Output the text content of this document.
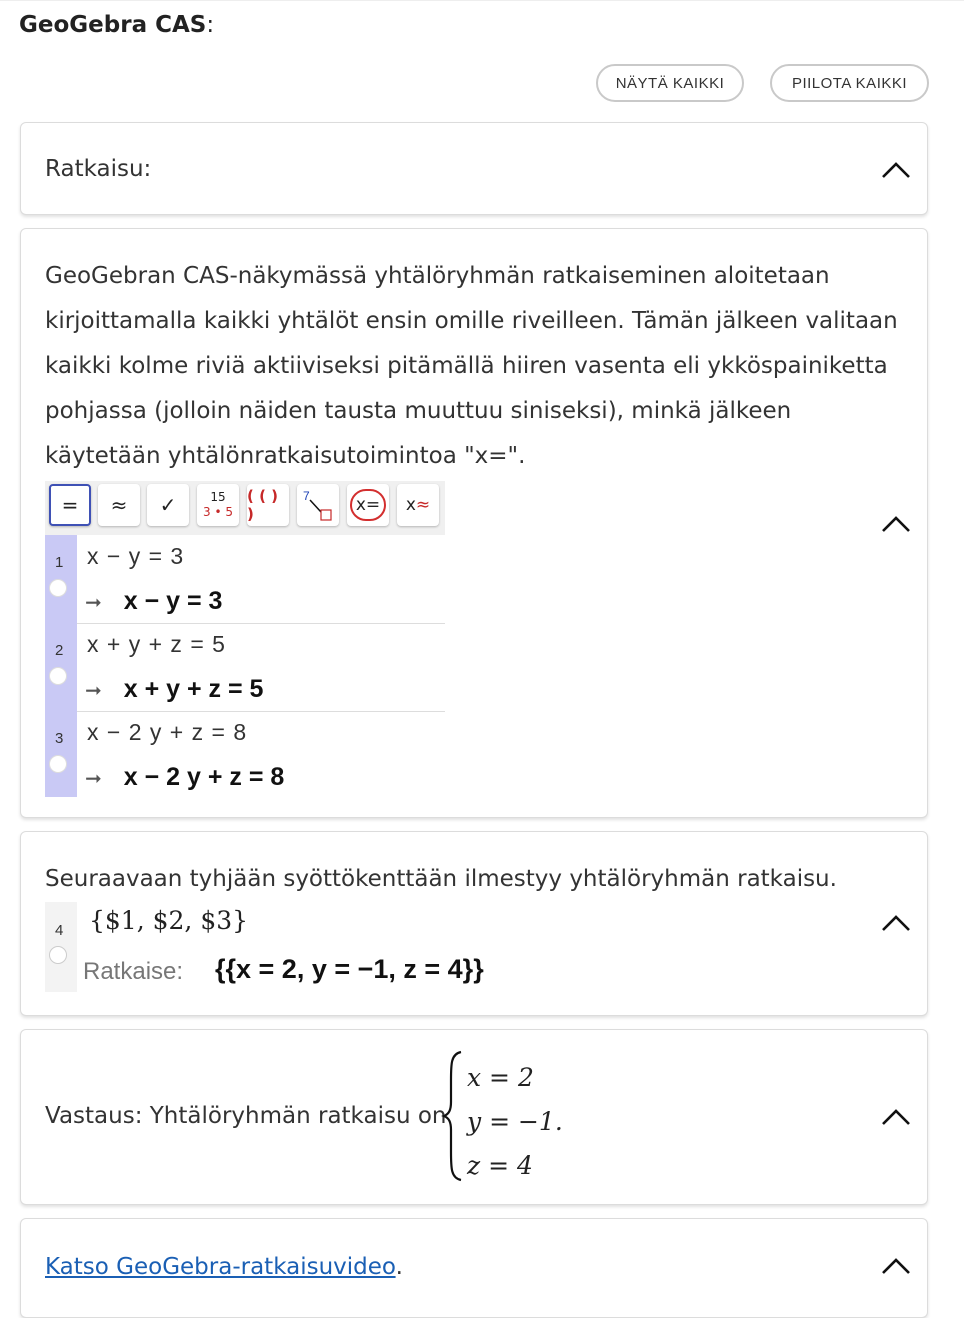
GeoGebra CAS:
NÄYTÄ KAIKKI	PIILOTA KAIKKI
Ratkaisu:
GeoGebran CAS-näkymässä yhtälöryhmän ratkaiseminen aloitetaan
kirjoittamalla kaikki yhtälöt ensin omille riveilleen. Tämän jälkeen valitaan
kaikki kolme riviä aktiiviseksi pitämällä hiiren vasenta eli ykköspainiketta
pohjassa (jolloin näiden tausta muuttuu siniseksi), minkä jälkeen
käytetään yhtälönratkaisutoimintoa "x=".
=	≈	✓	15
3 • 5
( ( ) )
7	x=	x ≈
1 x − y = 3
➞ x − y = 3
2 x + y + z = 5
➞ x + y + z = 5
3 x − 2 y + z = 8
➞ x − 2 y + z = 8
Seuraavaan tyhjään syöttökenttään ilmestyy yhtälöryhmän ratkaisu.
4 {$1, $2, $3}
Ratkaise: {{x = 2, y = −1, z = 4}}
Vastaus: Yhtälöryhmän ratkaisu on
x = 2
y = −1.
z = 4
Katso GeoGebra-ratkaisuvideo.
